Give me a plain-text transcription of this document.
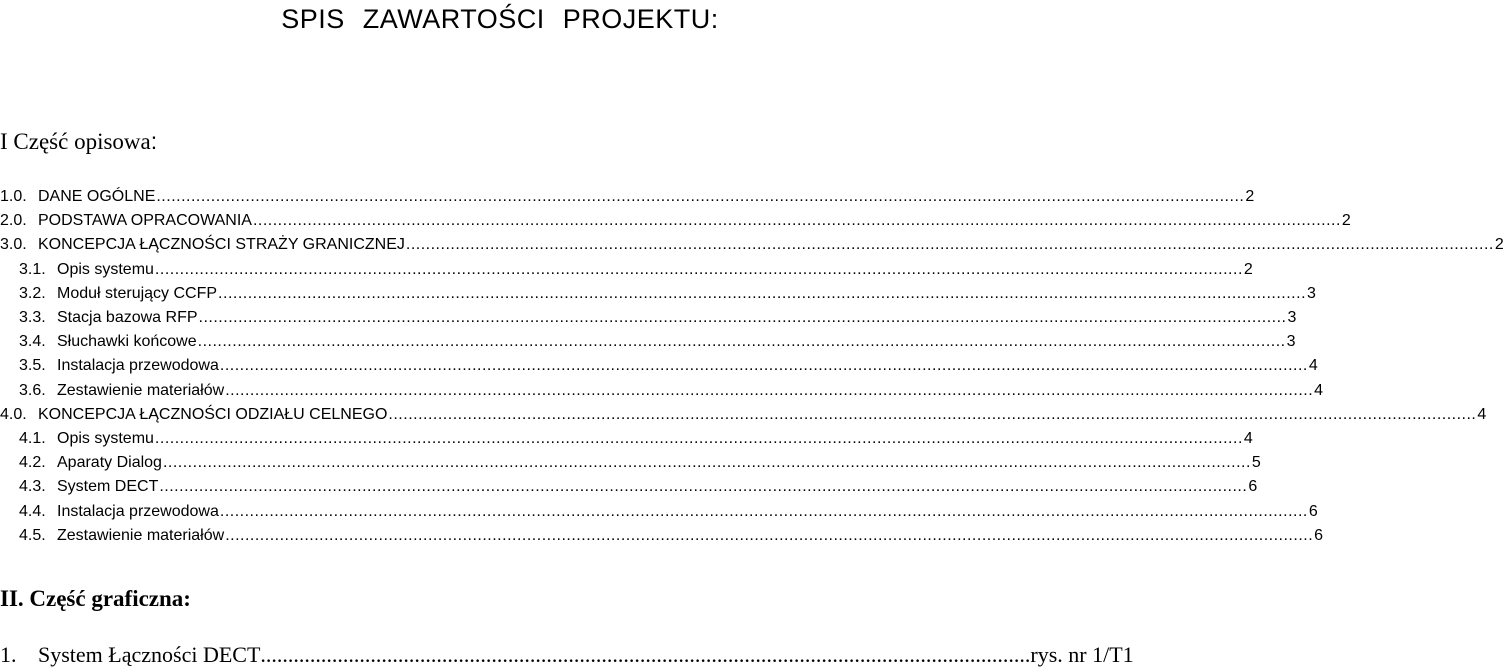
SPIS ZAWARTOŚCI PROJEKTU:
I Część opisowa:
1.0. DANE OGÓLNE ............................................................................................................................................................................................................................ 2
2.0. PODSTAWA OPRACOWANIA ............................................................................................................................................................................................................................ 2
3.0. KONCEPCJA ŁĄCZNOŚCI STRAŻY GRANICZNEJ ............................................................................................................................................................................................................................ 2
3.1. Opis systemu ............................................................................................................................................................................................................................ 2
3.2. Moduł sterujący CCFP ............................................................................................................................................................................................................................ 3
3.3. Stacja bazowa RFP ............................................................................................................................................................................................................................ 3
3.4. Słuchawki końcowe ............................................................................................................................................................................................................................ 3
3.5. Instalacja przewodowa ............................................................................................................................................................................................................................ 4
3.6. Zestawienie materiałów ............................................................................................................................................................................................................................ 4
4.0. KONCEPCJA ŁĄCZNOŚCI ODZIAŁU CELNEGO ............................................................................................................................................................................................................................ 4
4.1. Opis systemu ............................................................................................................................................................................................................................ 4
4.2. Aparaty Dialog ............................................................................................................................................................................................................................ 5
4.3. System DECT ............................................................................................................................................................................................................................ 6
4.4. Instalacja przewodowa ............................................................................................................................................................................................................................ 6
4.5. Zestawienie materiałów ............................................................................................................................................................................................................................ 6
II. Część graficzna:
1. System Łączności DECT ............................................................................................................................................ rys. nr 1/T1
